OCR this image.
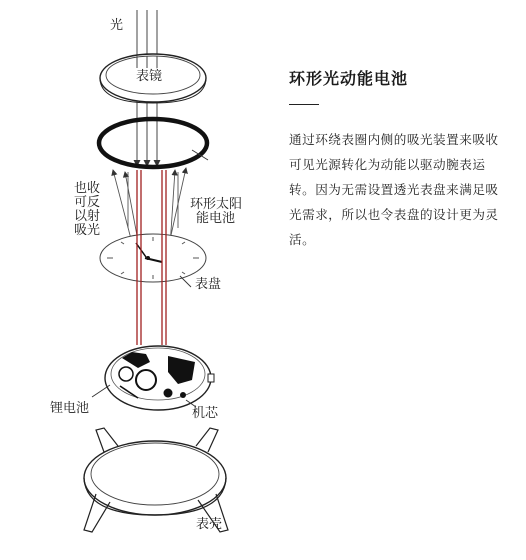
光
表镜
也收
可反
以射
吸光
环形太阳
能电池
表盘
锂电池	机芯
表壳
环形光动能电池

通过环绕表圈内侧的吸光装置来吸收可见光源转化为动能以驱动腕表运转。因为无需设置透光表盘来满足吸光需求，所以也令表盘的设计更为灵活。
